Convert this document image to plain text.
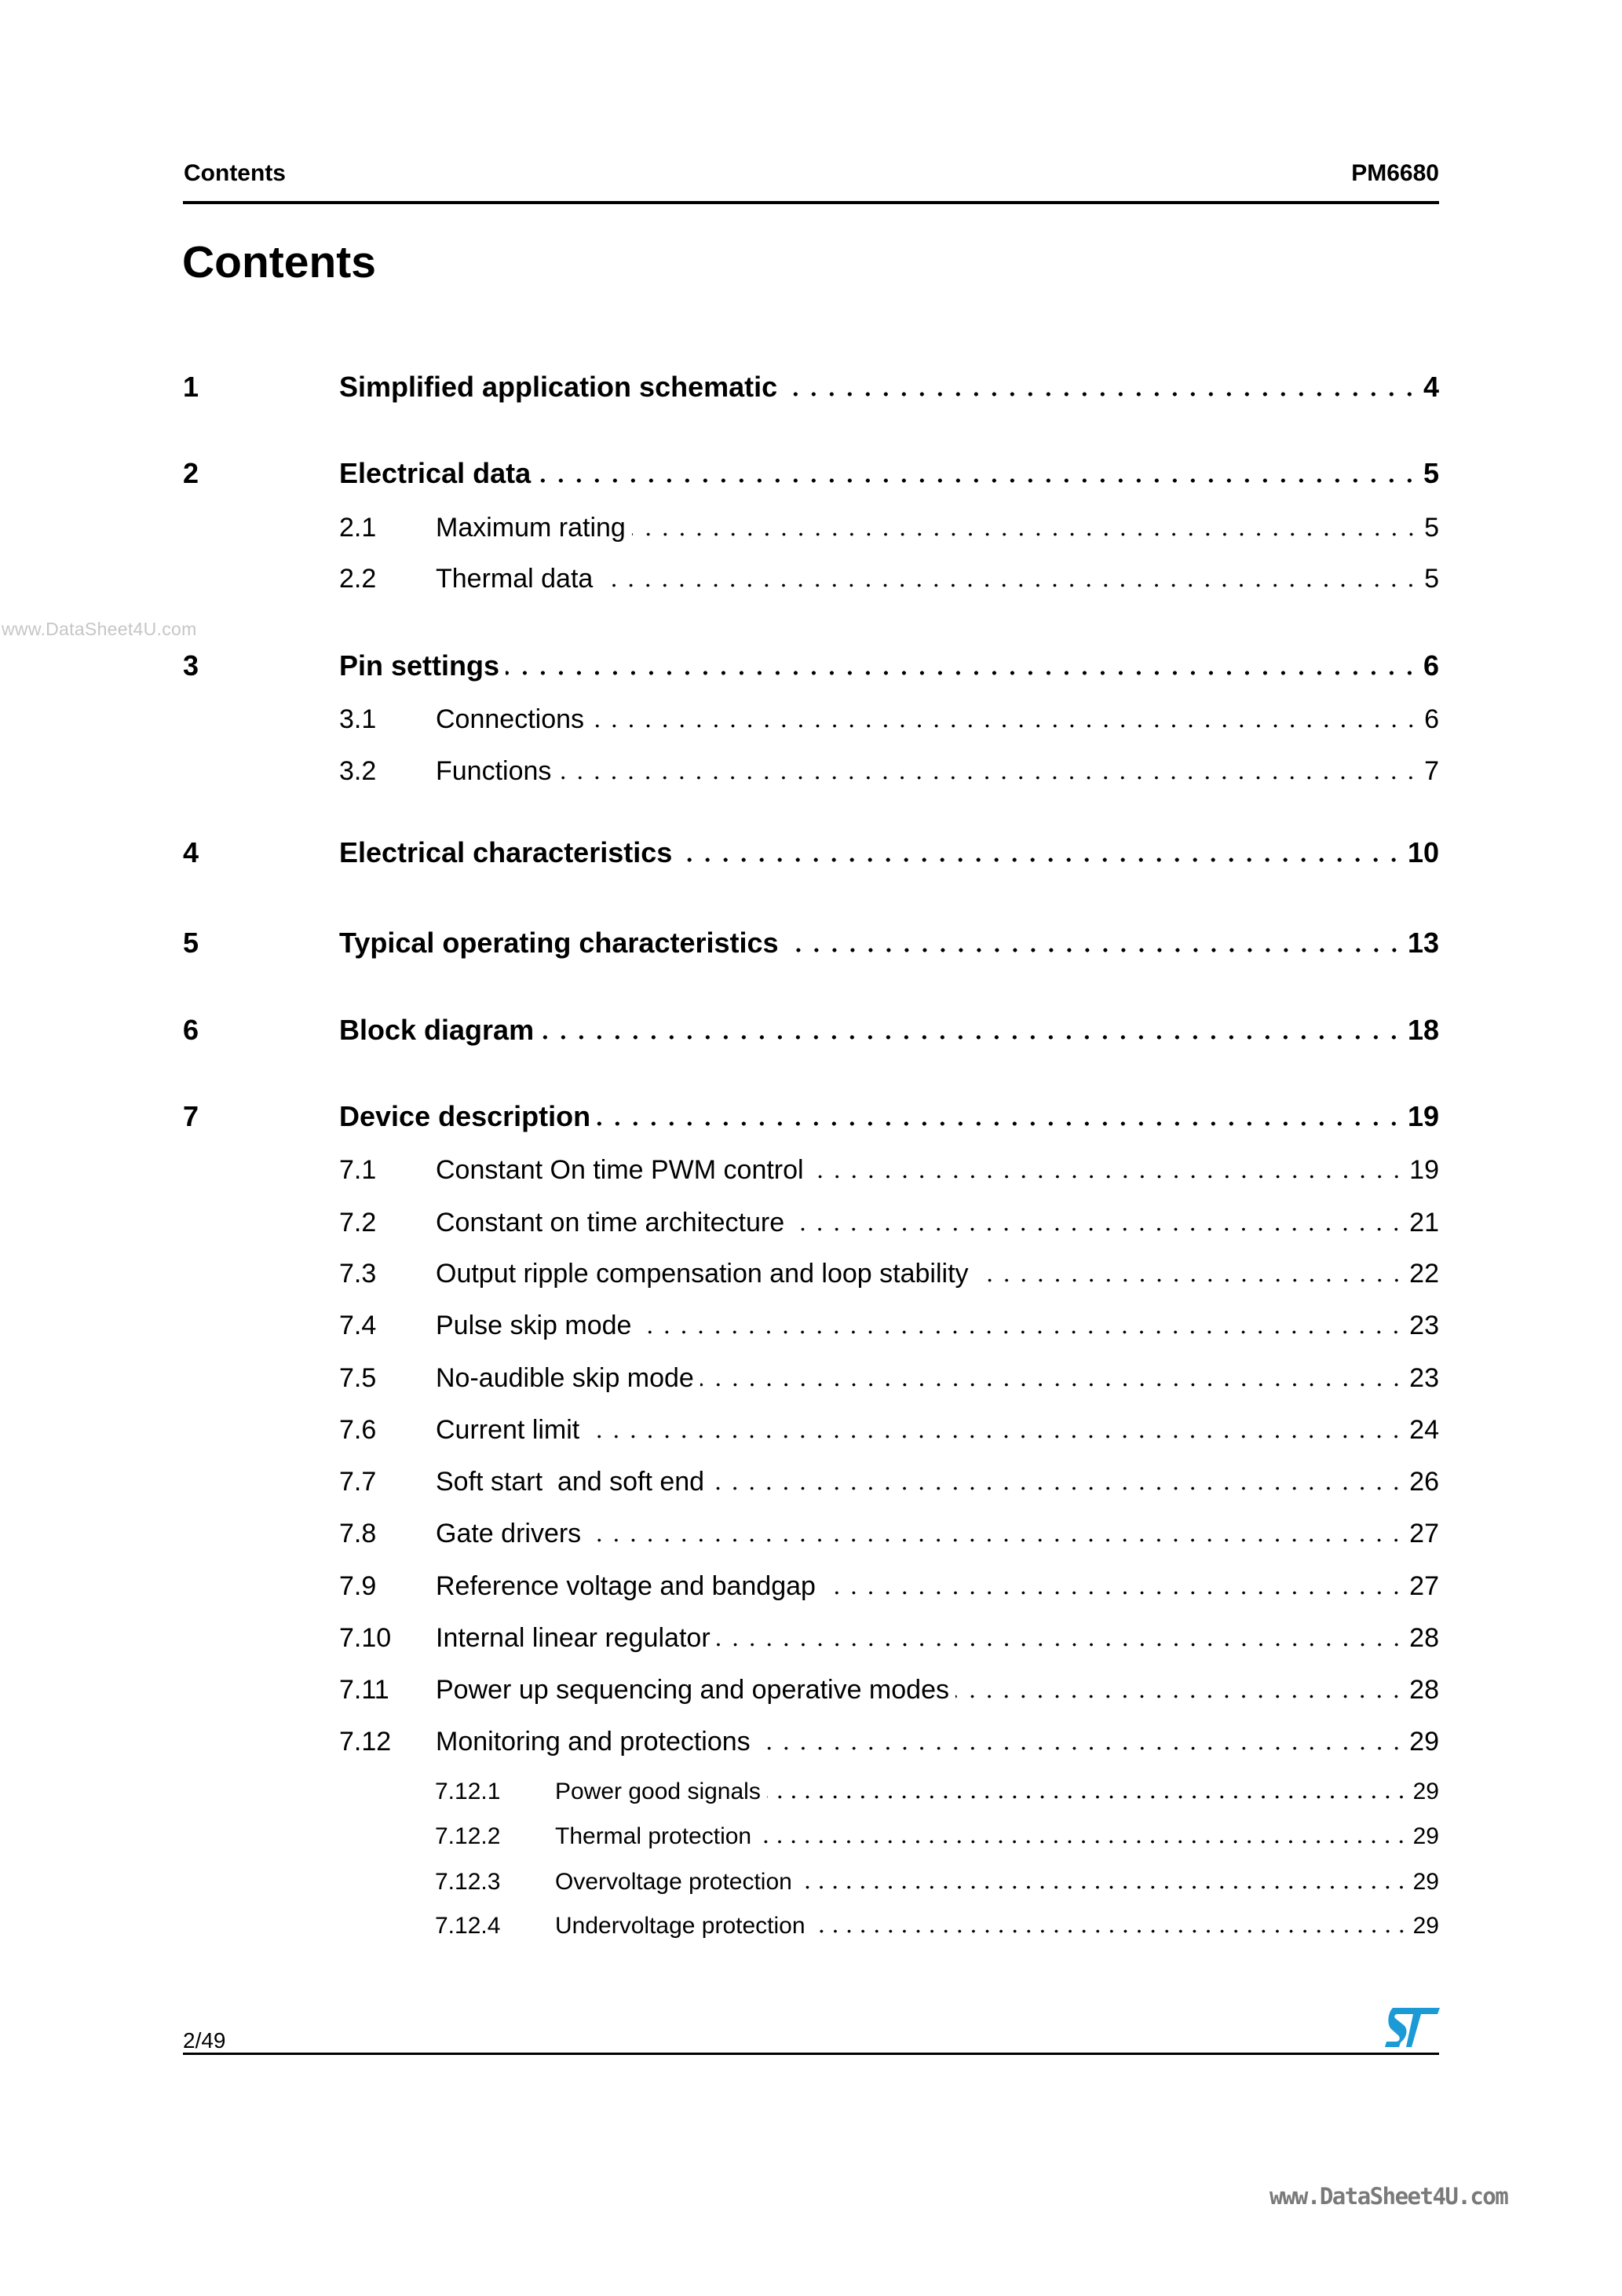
Contents	PM6680
Contents
www.DataSheet4U.com
1	Simplified application schematic	4
2	Electrical data	5
2.1 Maximum rating	5
2.2 Thermal data	5
3	Pin settings	6
3.1 Connections	6
3.2 Functions	7
4	Electrical characteristics	10
5	Typical operating characteristics	13
6	Block diagram	18
7	Device description	19
7.1 Constant On time PWM control	19
7.2 Constant on time architecture	21
7.3 Output ripple compensation and loop stability	22
7.4 Pulse skip mode	23
7.5 No-audible skip mode	23
7.6 Current limit	24
7.7 Soft start  and soft end	26
7.8 Gate drivers	27
7.9 Reference voltage and bandgap	27
7.10 Internal linear regulator	28
7.11 Power up sequencing and operative modes	28
7.12 Monitoring and protections	29
7.12.1 Power good signals	29
7.12.2 Thermal protection	29
7.12.3 Overvoltage protection	29
7.12.4 Undervoltage protection	29
2/49
www.DataSheet4U.com
